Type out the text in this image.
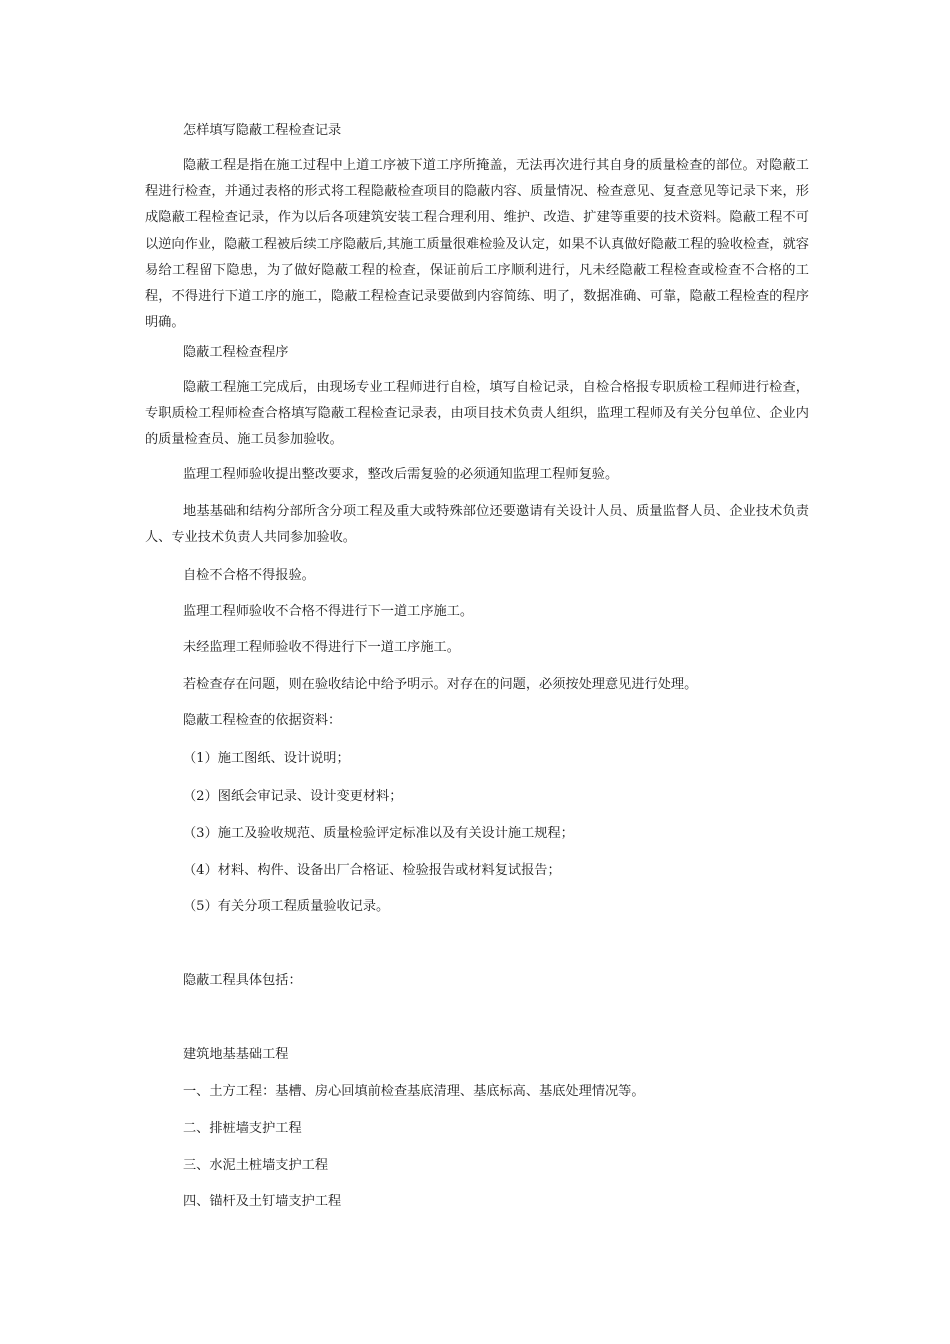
怎样填写隐蔽工程检查记录
隐蔽工程是指在施工过程中上道工序被下道工序所掩盖，无法再次进行其自身的质量检查的部位。对隐蔽工程进行检查，并通过表格的形式将工程隐蔽检查项目的隐蔽内容、质量情况、检查意见、复查意见等记录下来，形成隐蔽工程检查记录，作为以后各项建筑安装工程合理利用、维护、改造、扩建等重要的技术资料。隐蔽工程不可以逆向作业，隐蔽工程被后续工序隐蔽后,其施工质量很难检验及认定，如果不认真做好隐蔽工程的验收检查，就容易给工程留下隐患，为了做好隐蔽工程的检查，保证前后工序顺利进行，凡未经隐蔽工程检查或检查不合格的工程，不得进行下道工序的施工，隐蔽工程检查记录要做到内容简练、明了，数据准确、可靠，隐蔽工程检查的程序明确。
隐蔽工程检查程序
隐蔽工程施工完成后，由现场专业工程师进行自检，填写自检记录，自检合格报专职质检工程师进行检查，专职质检工程师检查合格填写隐蔽工程检查记录表，由项目技术负责人组织，监理工程师及有关分包单位、企业内的质量检查员、施工员参加验收。
监理工程师验收提出整改要求，整改后需复验的必须通知监理工程师复验。
地基基础和结构分部所含分项工程及重大或特殊部位还要邀请有关设计人员、质量监督人员、企业技术负责人、专业技术负责人共同参加验收。
自检不合格不得报验。
监理工程师验收不合格不得进行下一道工序施工。
未经监理工程师验收不得进行下一道工序施工。
若检查存在问题，则在验收结论中给予明示。对存在的问题，必须按处理意见进行处理。
隐蔽工程检查的依据资料：
（1）施工图纸、设计说明；
（2）图纸会审记录、设计变更材料；
（3）施工及验收规范、质量检验评定标准以及有关设计施工规程；
（4）材料、构件、设备出厂合格证、检验报告或材料复试报告；
（5）有关分项工程质量验收记录。
隐蔽工程具体包括：
建筑地基基础工程
一、土方工程：基槽、房心回填前检查基底清理、基底标高、基底处理情况等。
二、排桩墙支护工程
三、水泥土桩墙支护工程
四、锚杆及土钉墙支护工程
